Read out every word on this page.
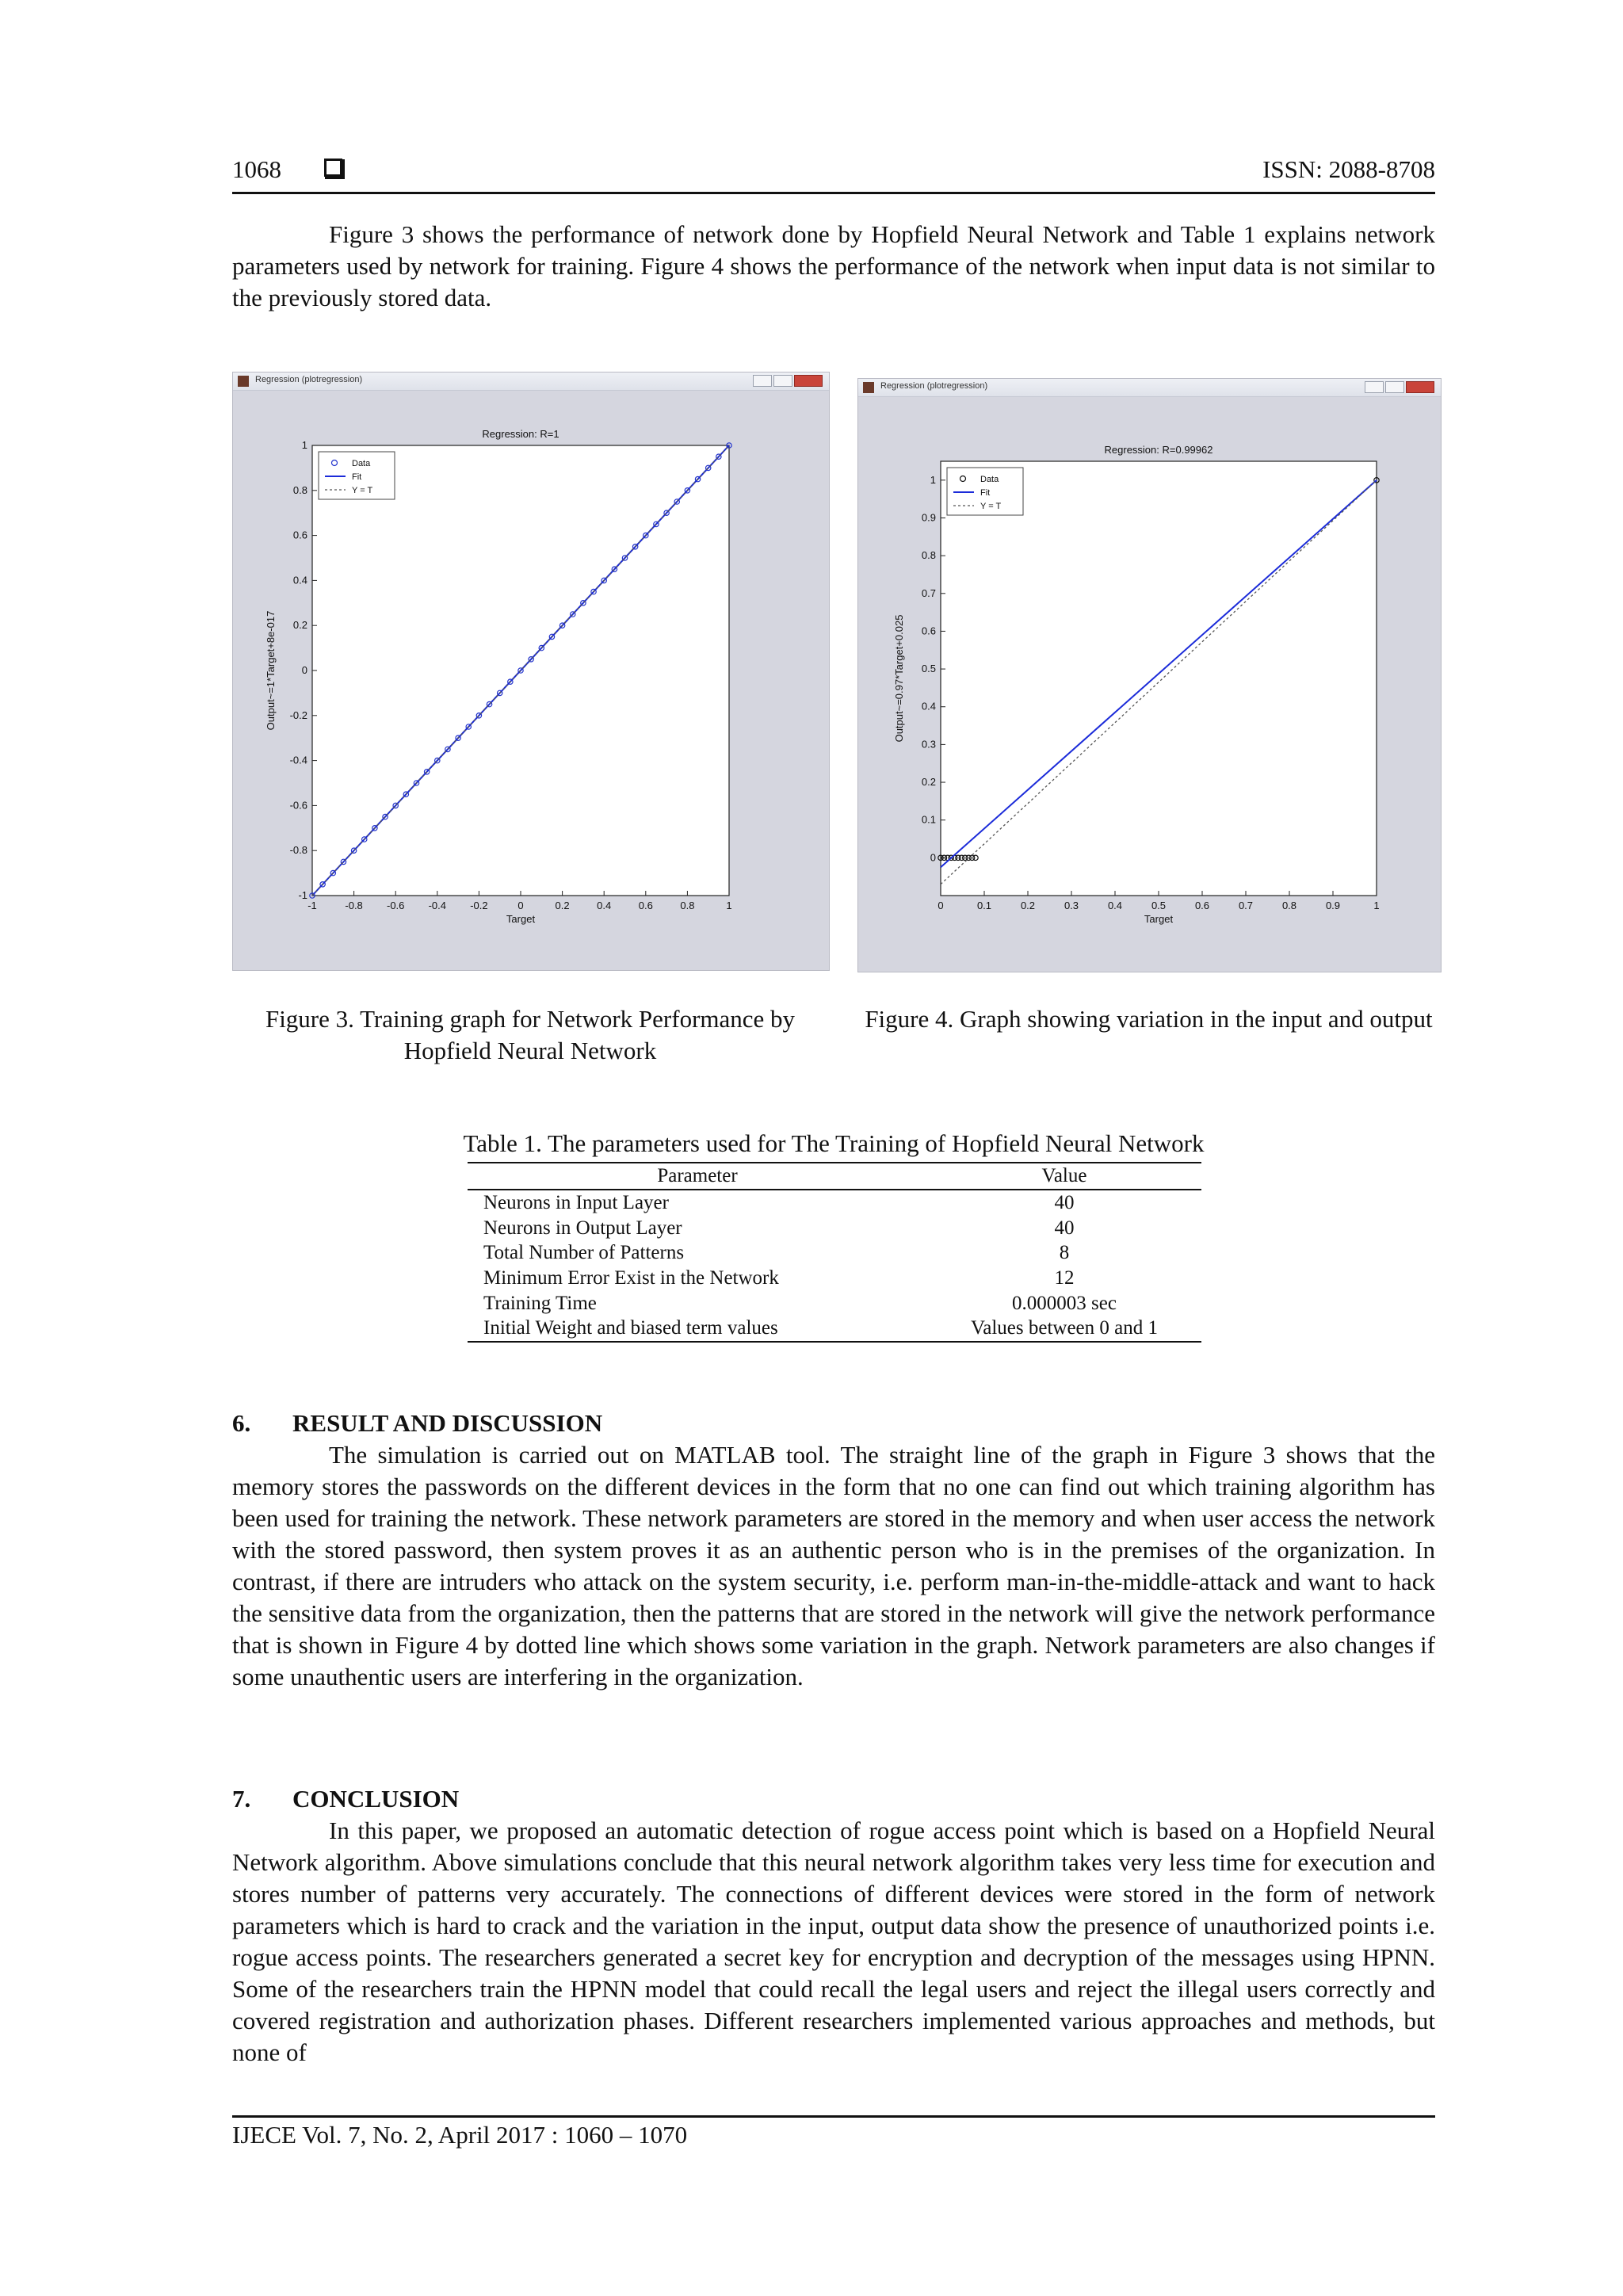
1068	ISSN: 2088-8708

Figure 3 shows the performance of network done by Hopfield Neural Network and Table 1 explains network parameters used by network for training. Figure 4 shows the performance of the network when input data is not similar to the previously stored data.

Regression (plotregression)
Regression: R=1
-1	-0.8 -0.6 -0.4 -0.2	0	0.2	0.4	0.6	0.8	1
-1
-0.8
-0.6
-0.4
-0.2
0
0.2
0.4
0.6
0.8
1
Target
Output~=1*Target+8e-017
Data
Fit
Y = T
Regression (plotregression)
Regression: R=0.99962
0	0.1	0.2	0.3	0.4	0.5	0.6	0.7	0.8	0.9	1
0
0.1
0.2
0.3
0.4
0.5
0.6
0.7
0.8
0.9
1
Target
Output~=0.97*Target+0.025
Data
Fit
Y = T
Figure 3. Training graph for Network Performance by Hopfield Neural Network
Figure 4. Graph showing variation in the input and output
Table 1. The parameters used for The Training of Hopfield Neural Network
Parameter	Value
Neurons in Input Layer	40
Neurons in Output Layer	40
Total Number of Patterns	8
Minimum Error Exist in the Network	12
Training Time	0.000003 sec
Initial Weight and biased term values	Values between 0 and 1
6. RESULT AND DISCUSSION

The simulation is carried out on MATLAB tool. The straight line of the graph in Figure 3 shows that the memory stores the passwords on the different devices in the form that no one can find out which training algorithm has been used for training the network. These network parameters are stored in the memory and when user access the network with the stored password, then system proves it as an authentic person who is in the premises of the organization. In contrast, if there are intruders who attack on the system security, i.e. perform man-in-the-middle-attack and want to hack the sensitive data from the organization, then the patterns that are stored in the network will give the network performance that is shown in Figure 4 by dotted line which shows some variation in the graph. Network parameters are also changes if some unauthentic users are interfering in the organization.

7. CONCLUSION

In this paper, we proposed an automatic detection of rogue access point which is based on a Hopfield Neural Network algorithm. Above simulations conclude that this neural network algorithm takes very less time for execution and stores number of patterns very accurately. The connections of different devices were stored in the form of network parameters which is hard to crack and the variation in the input, output data show the presence of unauthorized points i.e. rogue access points. The researchers generated a secret key for encryption and decryption of the messages using HPNN. Some of the researchers train the HPNN model that could recall the legal users and reject the illegal users correctly and covered registration and authorization phases. Different researchers implemented various approaches and methods, but none of

IJECE Vol. 7, No. 2, April 2017 : 1060 – 1070
